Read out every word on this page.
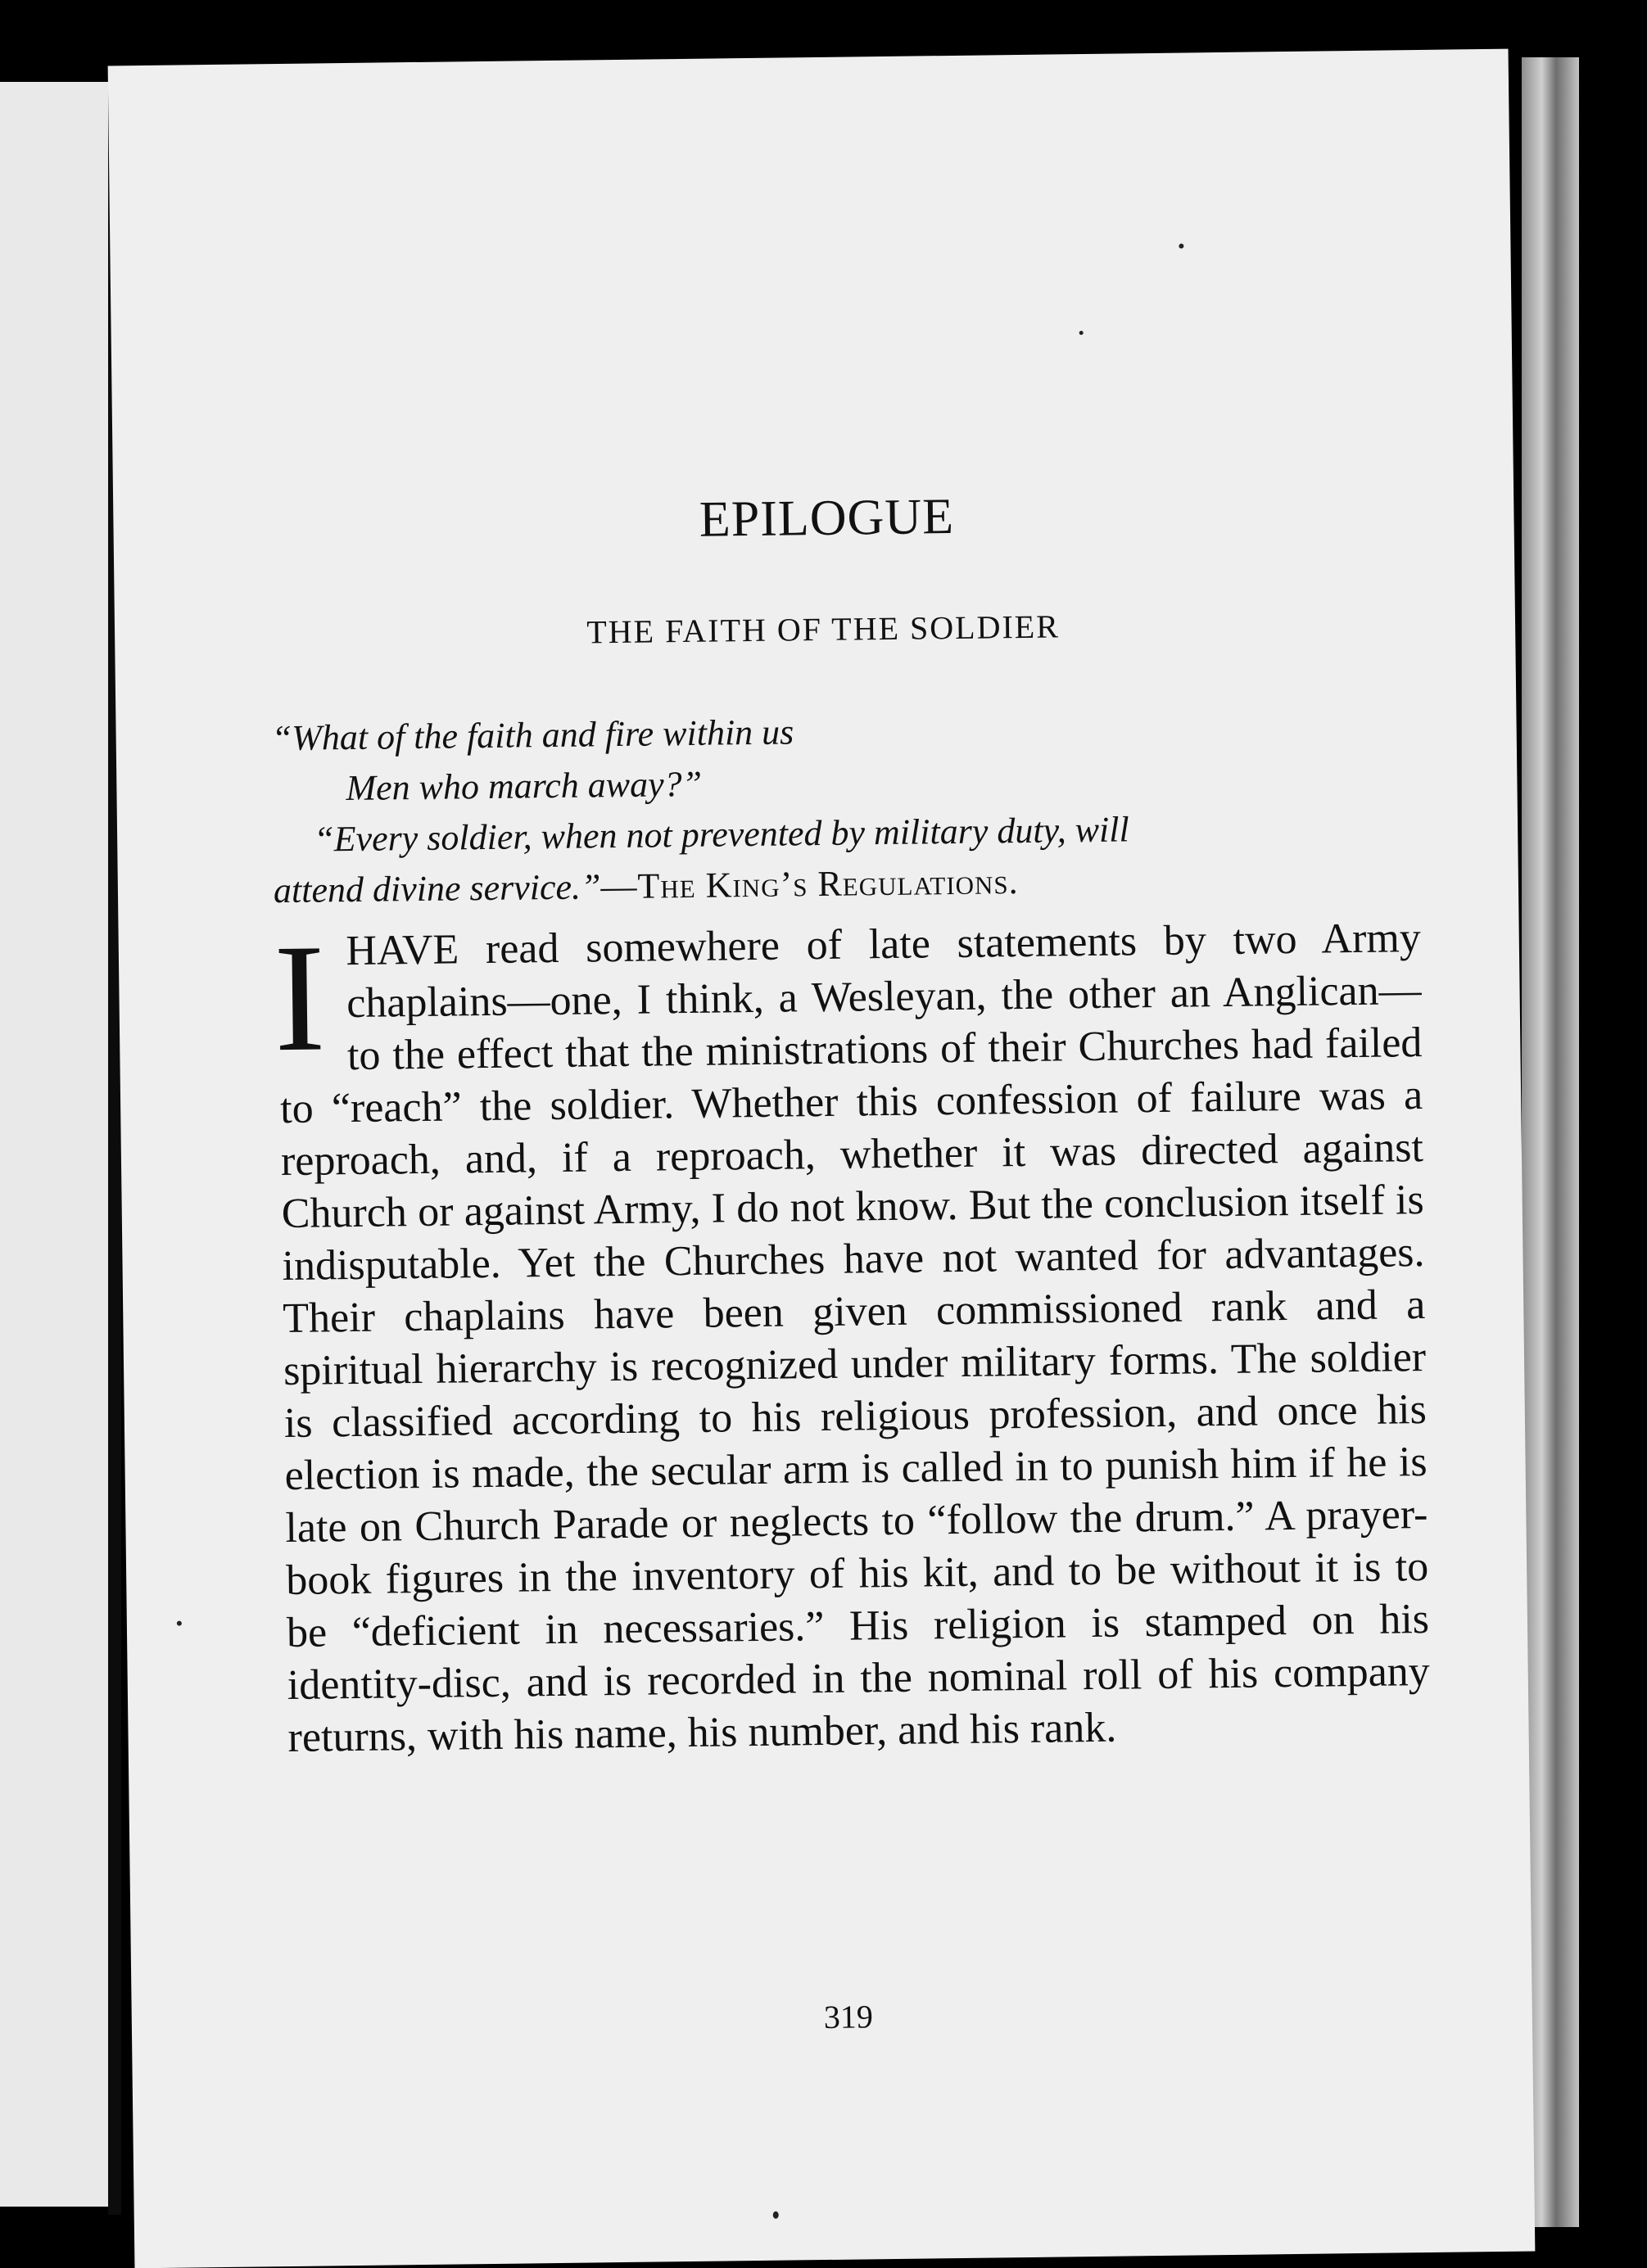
EPILOGUE
THE FAITH OF THE SOLDIER
“What of the faith and fire within us
Men who march away?”
“Every soldier, when not prevented by military duty, will
attend divine service.”—The King’s Regulations.
IHAVE read somewhere of late statements by two Army chaplains—one, I think, a Wesleyan, the other an Anglican—to the effect that the ministrations of their Churches had failed to “reach” the soldier. Whether this confession of failure was a reproach, and, if a reproach, whether it was directed against Church or against Army, I do not know. But the conclusion itself is indisputable. Yet the Churches have not wanted for advantages. Their chaplains have been given commissioned rank and a spiritual hierarchy is recognized under military forms. The soldier is classified according to his religious profession, and once his election is made, the secular arm is called in to punish him if he is late on Church Parade or neglects to “follow the drum.” A prayer-book figures in the inventory of his kit, and to be without it is to be “deficient in necessaries.” His religion is stamped on his identity-disc, and is recorded in the nominal roll of his company returns, with his name, his number, and his rank.
319
